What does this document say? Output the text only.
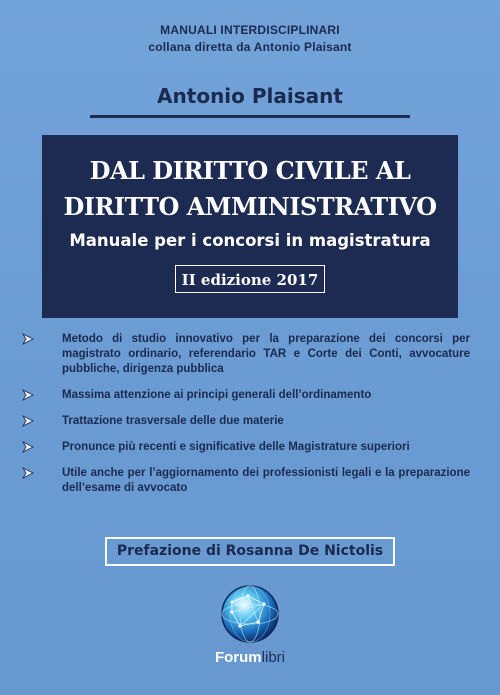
MANUALI INTERDISCIPLINARI
collana diretta da Antonio Plaisant
Antonio Plaisant
DAL DIRITTO CIVILE AL
DIRITTO AMMINISTRATIVO
Manuale per i concorsi in magistratura
II edizione 2017
Metodo di studio innovativo per la preparazione dei concorsi per magistrato ordinario, referendario TAR e Corte dei Conti, avvocature pubbliche, dirigenza pubblica
Massima attenzione ai principi generali dell’ordinamento
Trattazione trasversale delle due materie
Pronunce più recenti e significative delle Magistrature superiori
Utile anche per l’aggiornamento dei professionisti legali e la preparazione dell’esame di avvocato
Prefazione di Rosanna De Nictolis
Forumlibri
